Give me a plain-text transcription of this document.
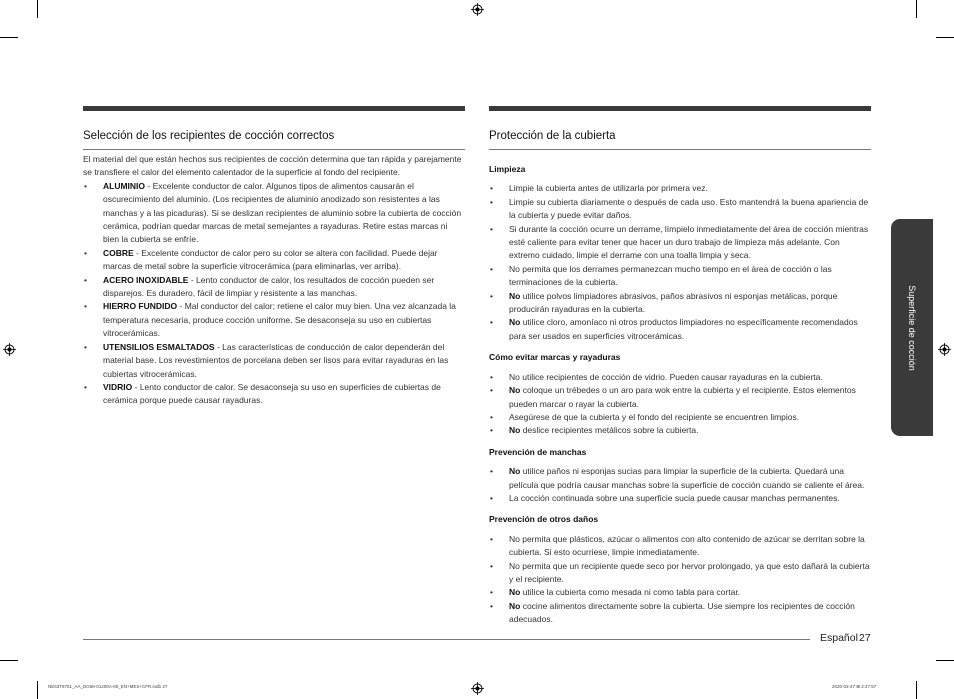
Selección de los recipientes de cocción correctos

El material del que están hechos sus recipientes de cocción determina que tan rápida y parejamente se transfiere el calor del elemento calentador de la superficie al fondo del recipiente.

• ALUMINIO - Excelente conductor de calor. Algunos tipos de alimentos causarán el oscurecimiento del aluminio. (Los recipientes de aluminio anodizado son resistentes a las manchas y a las picaduras). Si se deslizan recipientes de aluminio sobre la cubierta de cocción cerámica, podrían quedar marcas de metal semejantes a rayaduras. Retire estas marcas ni bien la cubierta se enfríe.
• COBRE - Excelente conductor de calor pero su color se altera con facilidad. Puede dejar marcas de metal sobre la superficie vitrocerámica (para eliminarlas, ver arriba).
• ACERO INOXIDABLE - Lento conductor de calor, los resultados de cocción pueden ser disparejos. Es duradero, fácil de limpiar y resistente a las manchas.
• HIERRO FUNDIDO - Mal conductor del calor; retiene el calor muy bien. Una vez alcanzada la temperatura necesaria, produce cocción uniforme. Se desaconseja su uso en cubiertas vitrocerámicas.
• UTENSILIOS ESMALTADOS - Las características de conducción de calor dependerán del material base. Los revestimientos de porcelana deben ser lisos para evitar rayaduras en las cubiertas vitrocerámicas.
• VIDRIO - Lento conductor de calor. Se desaconseja su uso en superficies de cubiertas de cerámica porque puede causar rayaduras.
Protección de la cubierta
Limpieza
• Limpie la cubierta antes de utilizarla por primera vez.
• Limpie su cubierta diariamente o después de cada uso. Esto mantendrá la buena apariencia de la cubierta y puede evitar daños.
• Si durante la cocción ocurre un derrame, límpielo inmediatamente del área de cocción mientras esté caliente para evitar tener que hacer un duro trabajo de limpieza más adelante. Con extremo cuidado, limpie el derrame con una toalla limpia y seca.
• No permita que los derrames permanezcan mucho tiempo en el área de cocción o las terminaciones de la cubierta.
• No utilice polvos limpiadores abrasivos, paños abrasivos ni esponjas metálicas, porque producirán rayaduras en la cubierta.
• No utilice cloro, amoníaco ni otros productos limpiadores no específicamente recomendados para ser usados en superficies vitrocerámicas.
Cómo evitar marcas y rayaduras
• No utilice recipientes de cocción de vidrio. Pueden causar rayaduras en la cubierta.
• No coloque un trébedes o un aro para wok entre la cubierta y el recipiente. Estos elementos pueden marcar o rayar la cubierta.
• Asegúrese de que la cubierta y el fondo del recipiente se encuentren limpios.
• No deslice recipientes metálicos sobre la cubierta.
Prevención de manchas
• No utilice paños ni esponjas sucias para limpiar la superficie de la cubierta. Quedará una película que podría causar manchas sobre la superficie de cocción cuando se caliente el área.
• La cocción continuada sobre una superficie sucia puede causar manchas permanentes.
Prevención de otros daños
• No permita que plásticos, azúcar o alimentos con alto contenido de azúcar se derritan sobre la cubierta. Si esto ocurriese, limpie inmediatamente.
• No permita que un recipiente quede seco por hervor prolongado, ya que esto dañará la cubierta y el recipiente.
• No utilice la cubierta como mesada ni como tabla para cortar.
• No cocine alimentos directamente sobre la cubierta. Use siempre los recipientes de cocción adecuados.
Superficie de cocción
Español 27
NE63T8751_AA_DG68-01200A-00_EN+MES+CFR.indb 27	2020-03-27 ⊞ 2:47:57
